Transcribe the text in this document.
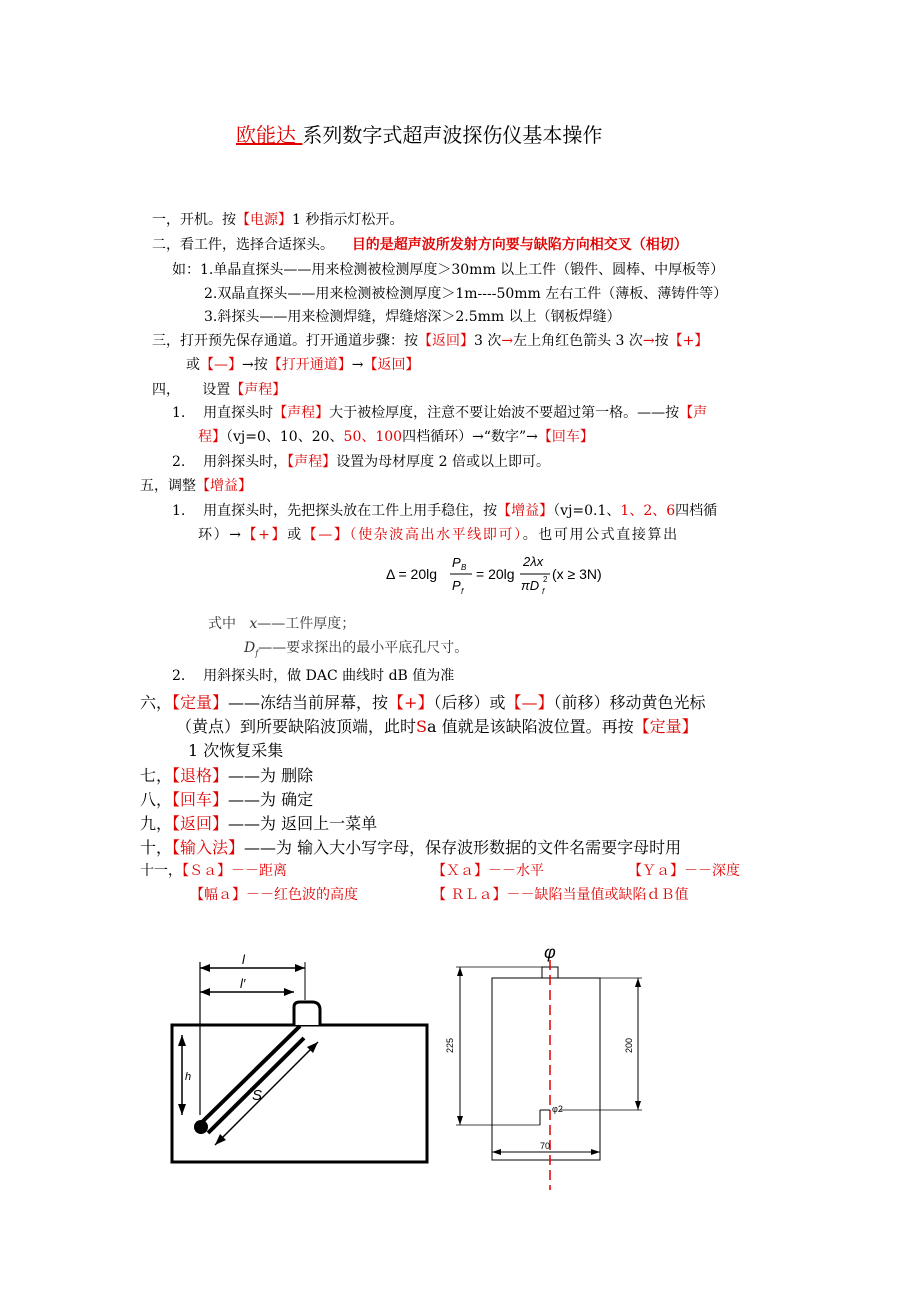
欧能达 系列数字式超声波探伤仪基本操作
一，开机。按【电源】1 秒指示灯松开。
二，看工件，选择合适探头。 目的是超声波所发射方向要与缺陷方向相交叉（相切）
如：1.单晶直探头——用来检测被检测厚度＞30mm 以上工件（锻件、圆棒、中厚板等）
2.双晶直探头——用来检测被检测厚度＞1m----50mm 左右工件（薄板、薄铸件等）
3.斜探头——用来检测焊缝，焊缝熔深＞2.5mm 以上（钢板焊缝）
三，打开预先保存通道。打开通道步骤：按【返回】3 次→左上角红色箭头 3 次→按【+】
或【—】→按【打开通道】→【返回】
四， 设置【声程】
1. 用直探头时【声程】大于被检厚度，注意不要让始波不要超过第一格。——按【声
程】（vj=0、10、20、50、100四档循环）→“数字”→【回车】
2. 用斜探头时，【声程】设置为母材厚度 2 倍或以上即可。
五，调整【增益】
1. 用直探头时，先把探头放在工件上用手稳住，按【增益】（vj=0.1、1、2、6四档循
环）→【+】或【—】（使杂波高出水平线即可）。也可用公式直接算出
Δ = 20lg
P B
P f
= 20lg
2λx
πD f
2 (x ≥ 3N)
式中 x——工件厚度；
$D_f——$要求探出的最小平底孔尺寸。
2. 用斜探头时，做 DAC 曲线时 dB 值为准
六，【定量】——冻结当前屏幕，按【+】（后移）或【—】（前移）移动黄色光标
（黄点）到所要缺陷波顶端，此时Sa 值就是该缺陷波位置。再按【定量】
1 次恢复采集
七，【退格】——为 删除
八，【回车】——为 确定
九，【返回】——为 返回上一菜单
十，【输入法】——为 输入大小写字母，保存波形数据的文件名需要字母时用
十一，【Ｓａ】－－距离	【Ｘａ】－－水平	【Ｙａ】－－深度
【幅ａ】－－红色波的高度	【 ＲＬａ】－－缺陷当量值或缺陷ｄＢ值
l
l′
h
S
φ
φ2
225	200
70
